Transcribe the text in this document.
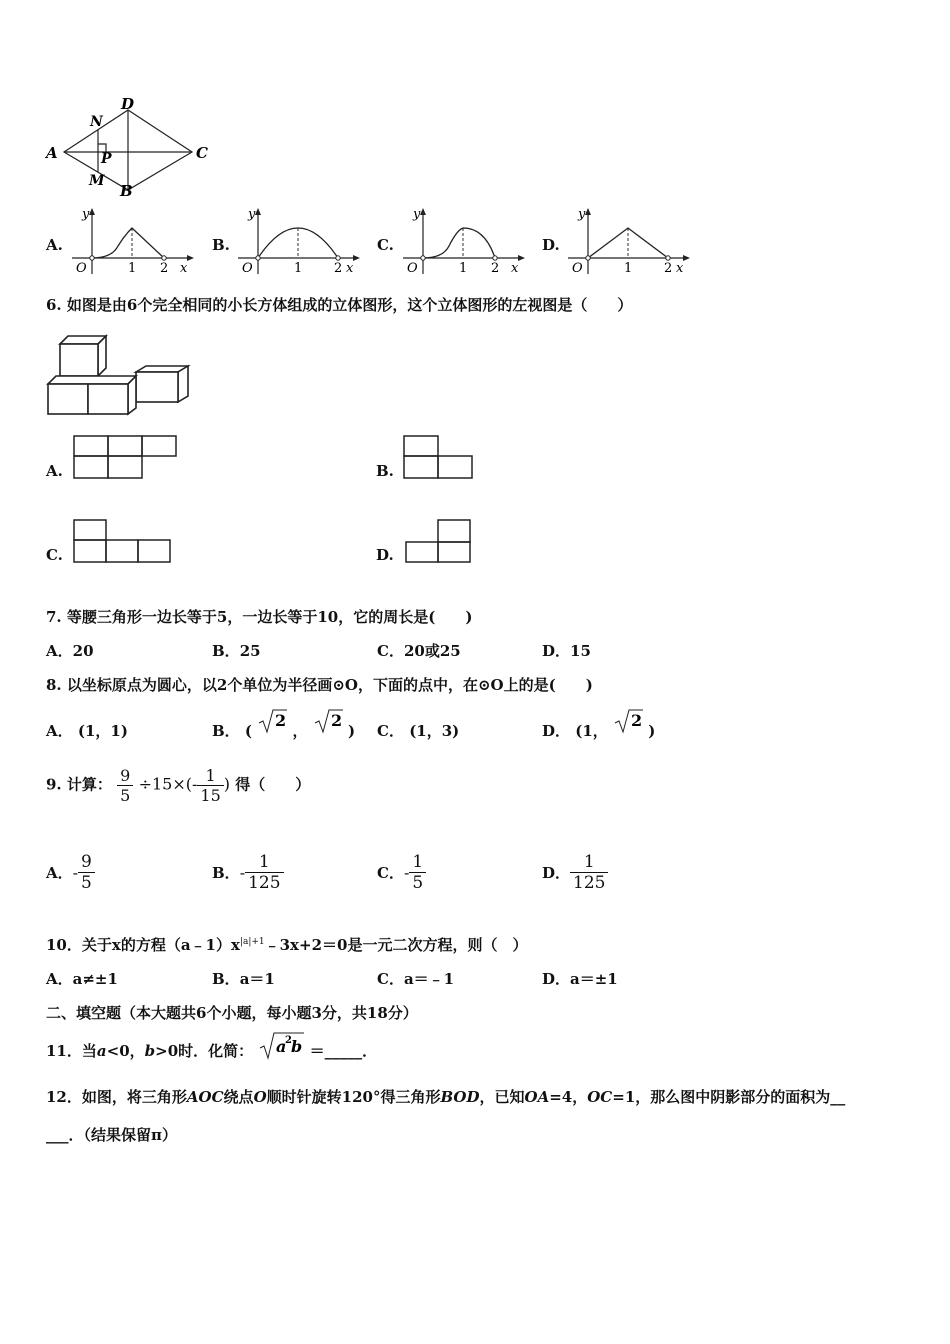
A
D
C
B
N
M
P
A.
y
O	1 2 x
B.
y
O	1 2 x
C.
y
O	1 2 x
D.
y
O	1 2 x
6. 如图是由6个完全相同的小长方体组成的立体图形，这个立体图形的左视图是（　　）
A.	B.
C.	D.
7. 等腰三角形一边长等于5，一边长等于10，它的周长是(　　)
A．20	B．25	C．20或25	D．15
8. 以坐标原点为圆心，以2个单位为半径画⊙O，下面的点中，在⊙O上的是(　　)
A． (1，1)	B． (
2
，
2
) C． (1，3)	D． (1，
2
)
9. 计算： $\frac{9}{5} \div 15\times(- \frac{1}{15}$ ) 得（　　）
A．- $\frac{9}{5}$	B．- $\frac{1}{125}$	C．- $\frac{1}{5}$	D． $\frac{1}{125}$
10．关于x的方程$(a﹣1)x^{|a|+1}﹣3x+2=0$是一元二次方程，则（　）
A．a≠±1	B．a＝1	C．a＝﹣1	D．a＝±1
二、填空题（本大题共6个小题，每小题3分，共18分）
11．当a<0，b>0时．化简： a
2 b ＝_____．
12．如图，将三角形AOC绕点O顺时针旋转120°得三角形BOD，已知OA=4，OC=1，那么图中阴影部分的面积为__
___．（结果保留π）
